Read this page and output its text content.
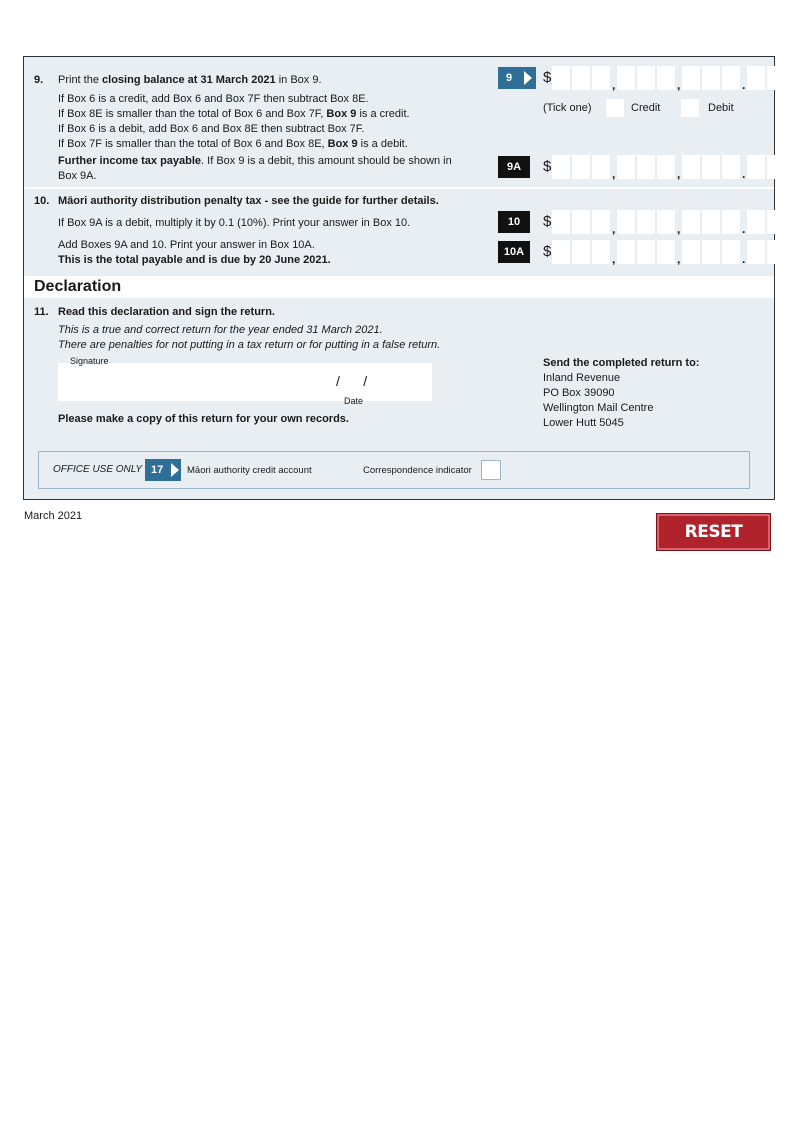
9. Print the closing balance at 31 March 2021 in Box 9.
If Box 6 is a credit, add Box 6 and Box 7F then subtract Box 8E.
If Box 8E is smaller than the total of Box 6 and Box 7F, Box 9 is a credit.
If Box 6 is a debit, add Box 6 and Box 8E then subtract Box 7F.
If Box 7F is smaller than the total of Box 6 and Box 8E, Box 9 is a debit.
Further income tax payable. If Box 9 is a debit, this amount should be shown in
Box 9A.
9 $	,	,	.
(Tick one)	Credit	Debit
9A	$	,	,	.
10. Māori authority distribution penalty tax - see the guide for further details.
If Box 9A is a debit, multiply it by 0.1 (10%). Print your answer in Box 10.
Add Boxes 9A and 10. Print your answer in Box 10A.
This is the total payable and is due by 20 June 2021.
10	$	,	,	.
10A	$	,	,	.
Declaration
11. Read this declaration and sign the return.
This is a true and correct return for the year ended 31 March 2021.
There are penalties for not putting in a tax return or for putting in a false return.
Signature
/      /
Date
Please make a copy of this return for your own records.
Send the completed return to:
Inland Revenue
PO Box 39090
Wellington Mail Centre
Lower Hutt 5045
OFFICE USE ONLY 17	Māori authority credit account	Correspondence indicator
March 2021
RESET FORM
